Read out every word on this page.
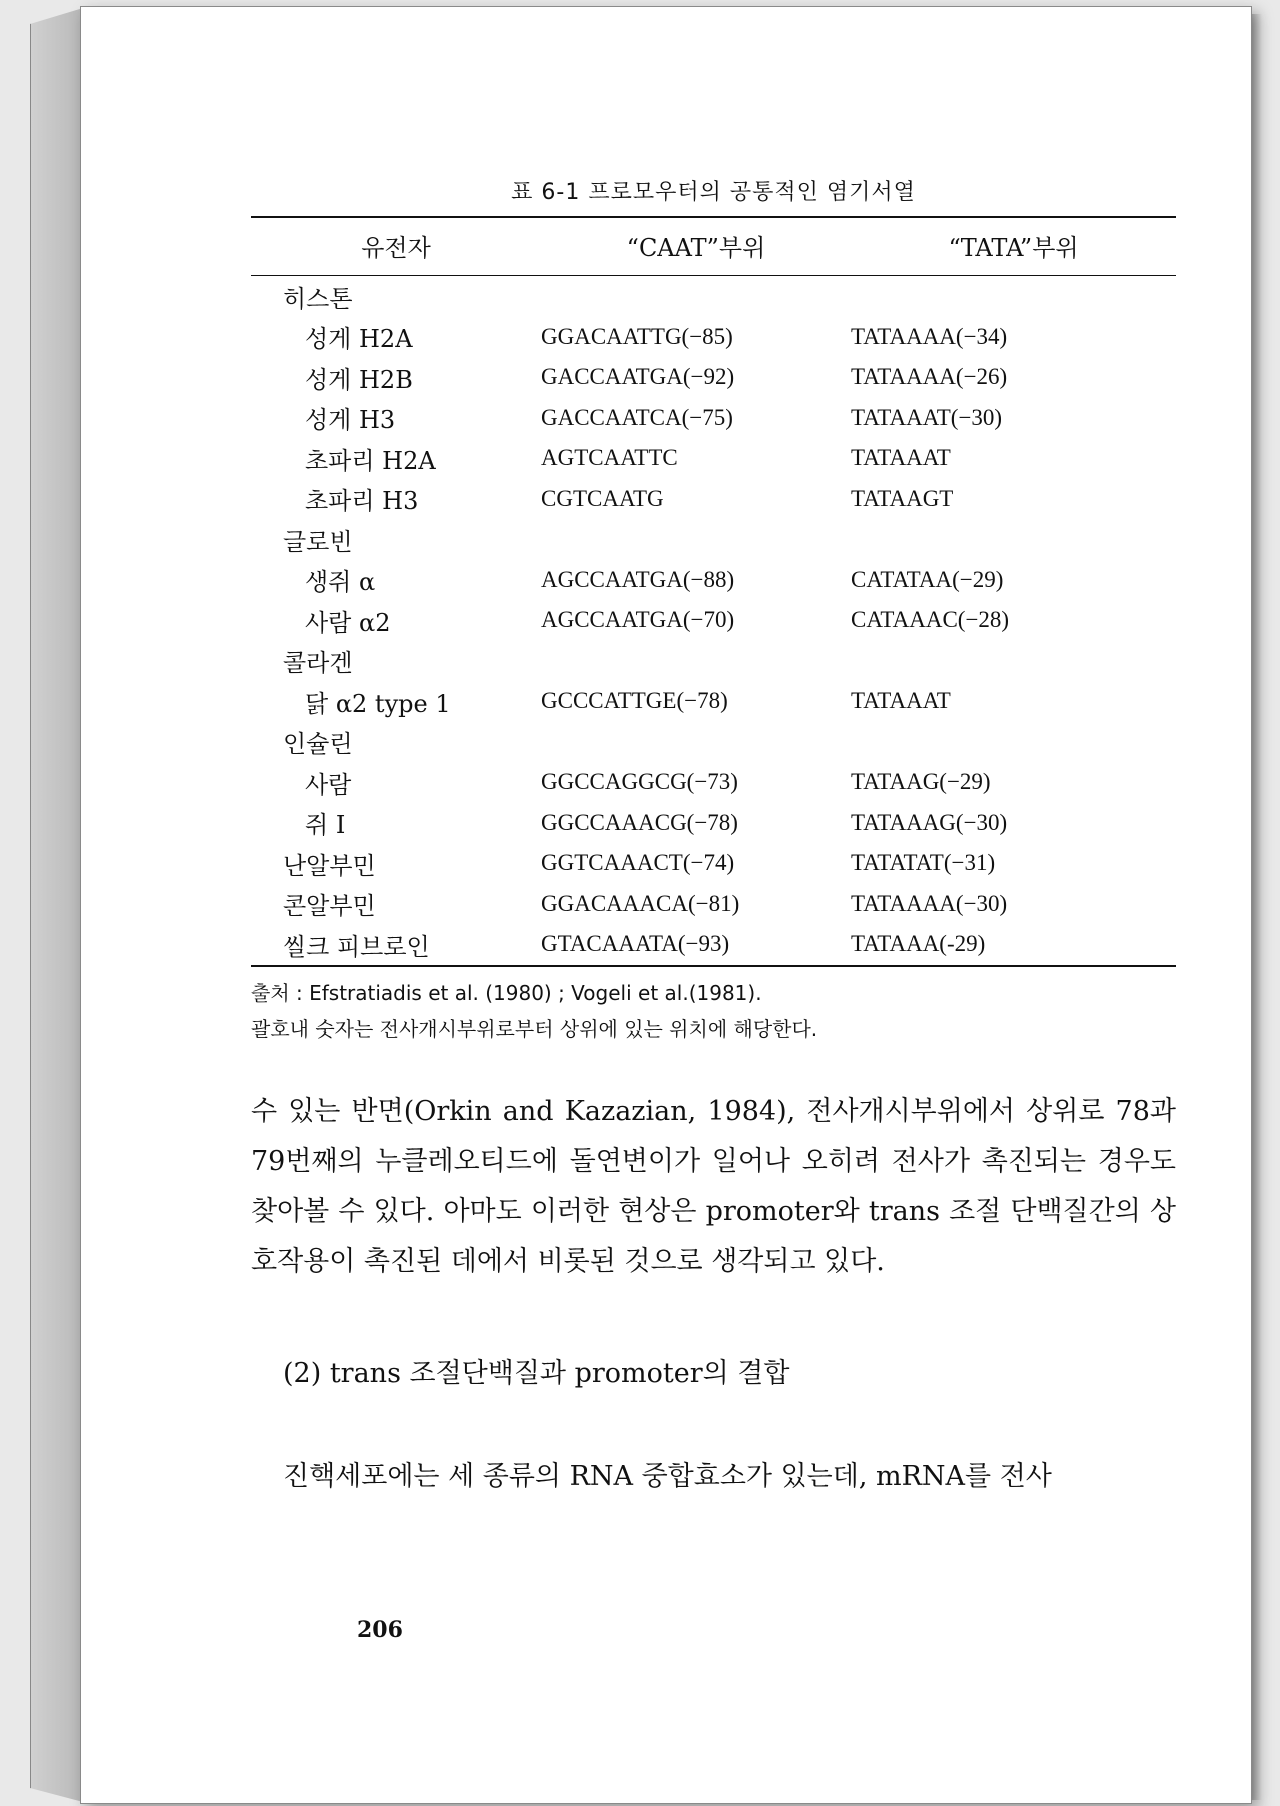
표 6-1 프로모우터의 공통적인 염기서열
유전자	“CAAT”부위	“TATA”부위

히스톤		
성게 H2A	GGACAATTG(−85)	TATAAAA(−34)
성게 H2B	GACCAATGA(−92)	TATAAAA(−26)
성게 H3	GACCAATCA(−75)	TATAAAT(−30)
초파리 H2A	AGTCAATTC	TATAAAT
초파리 H3	CGTCAATG	TATAAGT
글로빈		
생쥐 α	AGCCAATGA(−88)	CATATAA(−29)
사람 α2	AGCCAATGA(−70)	CATAAAC(−28)
콜라겐		
닭 α2 type 1	GCCCATTGE(−78)	TATAAAT
인슐린		
사람	GGCCAGGCG(−73)	TATAAG(−29)
쥐 I	GGCCAAACG(−78)	TATAAAG(−30)
난알부민	GGTCAAACT(−74)	TATATAT(−31)
콘알부민	GGACAAACA(−81)	TATAAAA(−30)
씰크 피브로인	GTACAAATA(−93)	TATAAA(-29)
출처 : Efstratiadis et al. (1980) ; Vogeli et al.(1981).
괄호내 숫자는 전사개시부위로부터 상위에 있는 위치에 해당한다.
수 있는 반면(Orkin and Kazazian, 1984), 전사개시부위에서 상위로 78과 79번째의 누클레오티드에 돌연변이가 일어나 오히려 전사가 촉진되는 경우도 찾아볼 수 있다. 아마도 이러한 현상은 promoter와 trans 조절 단백질간의 상호작용이 촉진된 데에서 비롯된 것으로 생각되고 있다.
(2) trans 조절단백질과 promoter의 결합
진핵세포에는 세 종류의 RNA 중합효소가 있는데, mRNA를 전사
206
